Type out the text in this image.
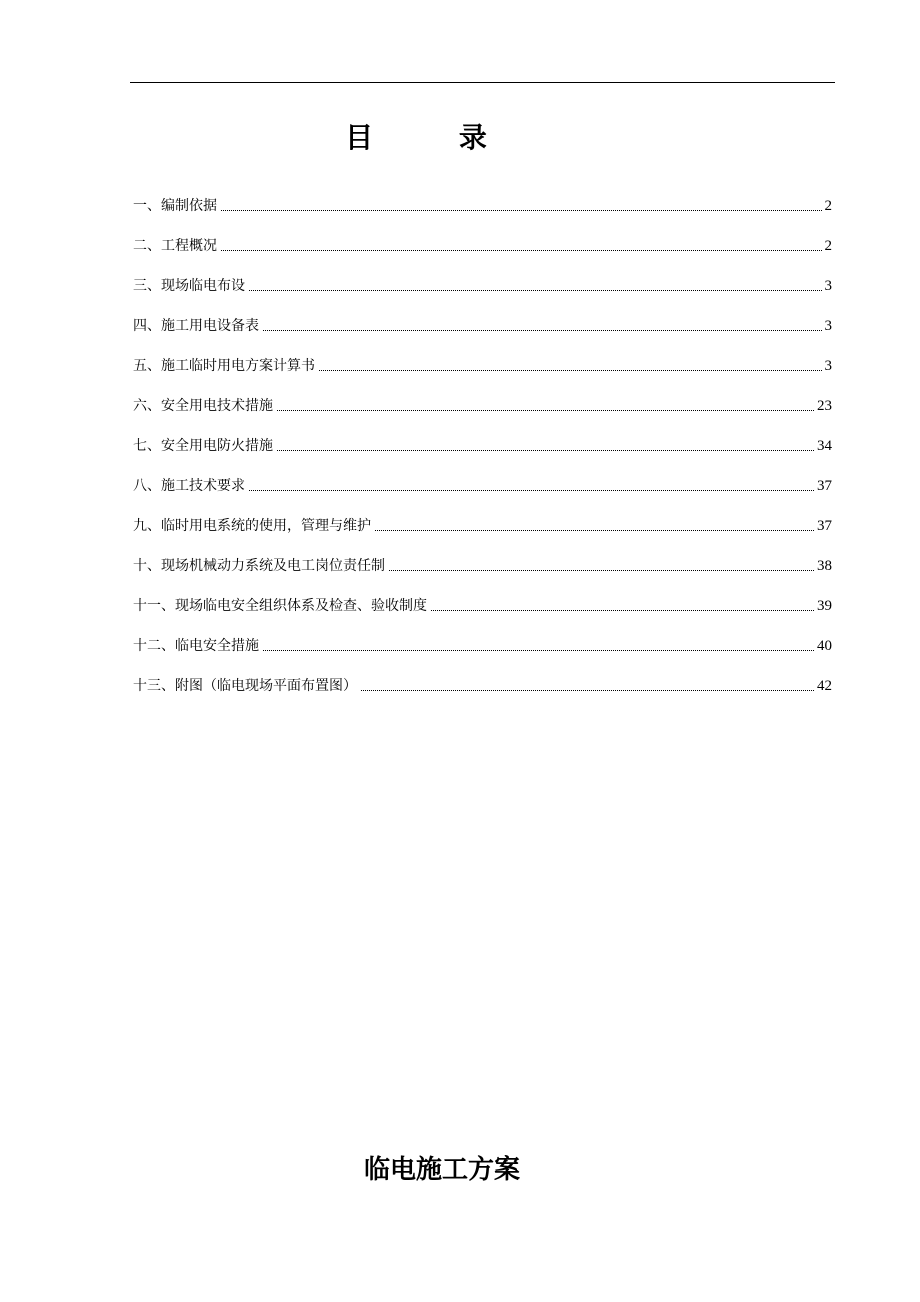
目 录
一、编制依据	2
二、工程概况	2
三、现场临电布设	3
四、施工用电设备表	3
五、施工临时用电方案计算书	3
六、安全用电技术措施	23
七、安全用电防火措施	34
八、施工技术要求	37
九、临时用电系统的使用，管理与维护	37
十、现场机械动力系统及电工岗位责任制	38
十一、现场临电安全组织体系及检查、验收制度	39
十二、临电安全措施	40
十三、附图（临电现场平面布置图）	42
临电施工方案
